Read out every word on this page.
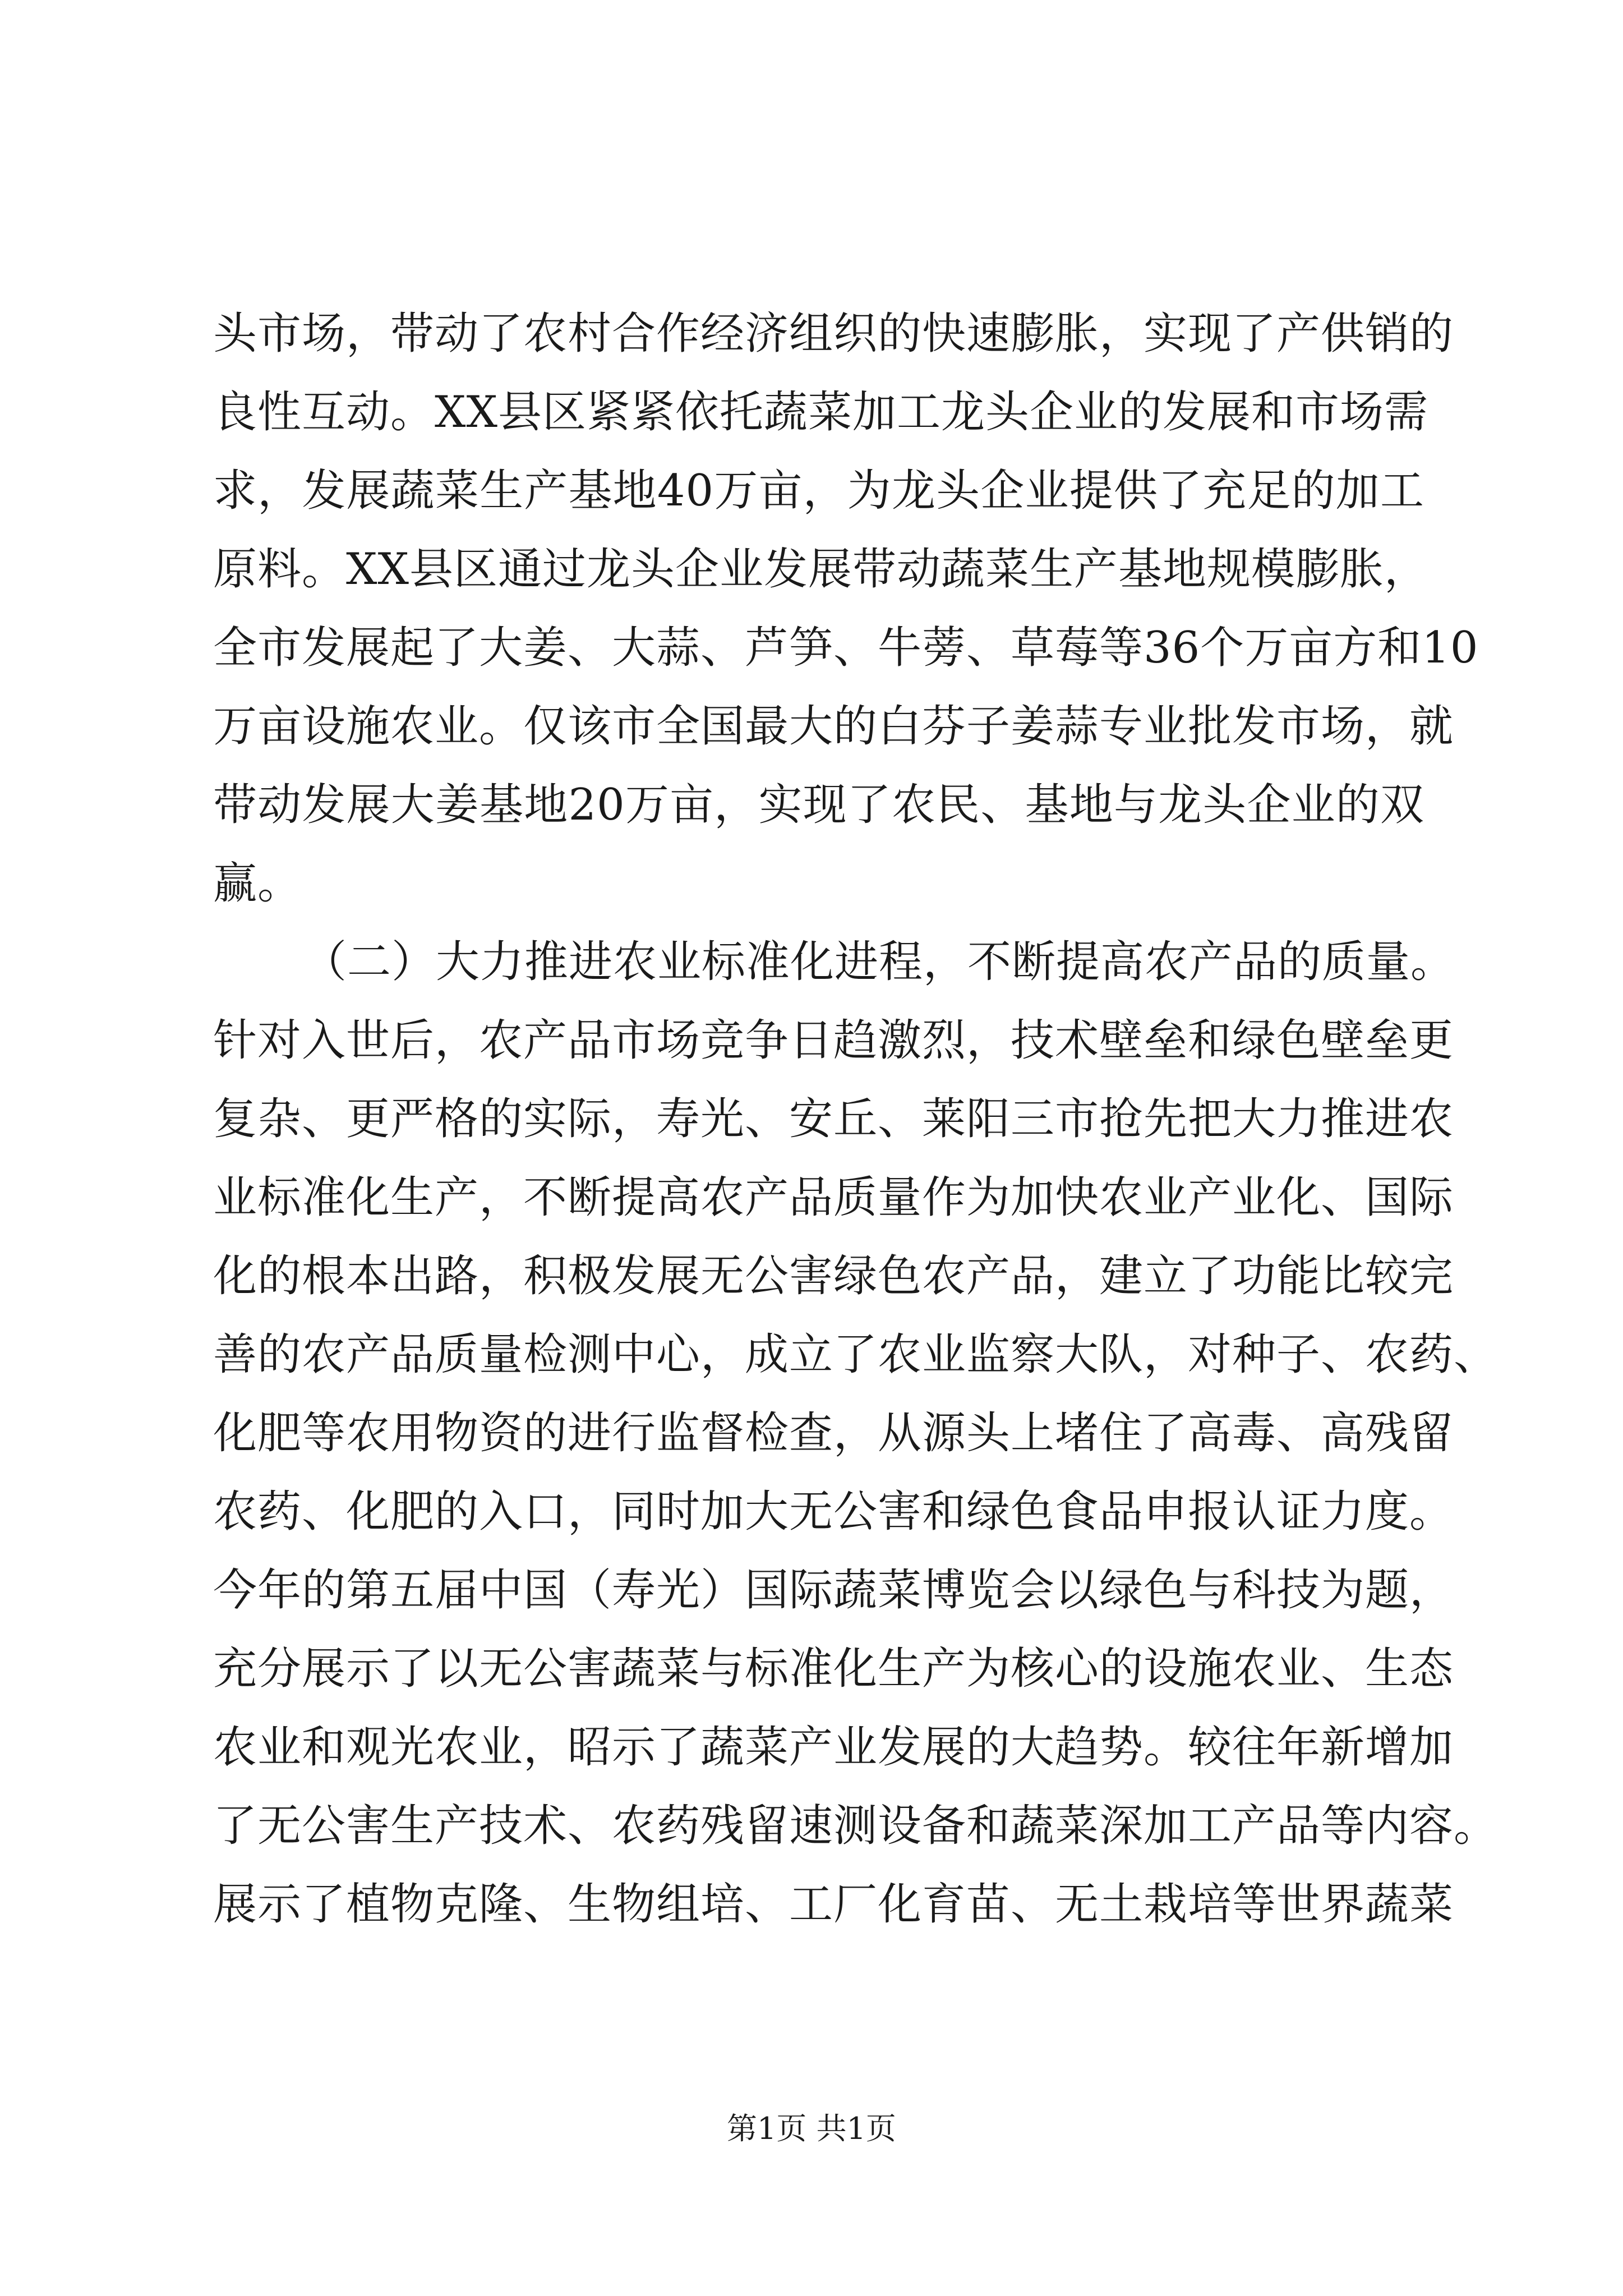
头市场，带动了农村合作经济组织的快速膨胀，实现了产供销的
良性互动。XX县区紧紧依托蔬菜加工龙头企业的发展和市场需
求，发展蔬菜生产基地40万亩，为龙头企业提供了充足的加工
原料。XX县区通过龙头企业发展带动蔬菜生产基地规模膨胀，
全市发展起了大姜、大蒜、芦笋、牛蒡、草莓等36个万亩方和10
万亩设施农业。仅该市全国最大的白芬子姜蒜专业批发市场，就
带动发展大姜基地20万亩，实现了农民、基地与龙头企业的双
赢。
（二）大力推进农业标准化进程，不断提高农产品的质量。
针对入世后，农产品市场竞争日趋激烈，技术壁垒和绿色壁垒更
复杂、更严格的实际，寿光、安丘、莱阳三市抢先把大力推进农
业标准化生产，不断提高农产品质量作为加快农业产业化、国际
化的根本出路，积极发展无公害绿色农产品，建立了功能比较完
善的农产品质量检测中心，成立了农业监察大队，对种子、农药、
化肥等农用物资的进行监督检查，从源头上堵住了高毒、高残留
农药、化肥的入口，同时加大无公害和绿色食品申报认证力度。
今年的第五届中国（寿光）国际蔬菜博览会以绿色与科技为题，
充分展示了以无公害蔬菜与标准化生产为核心的设施农业、生态
农业和观光农业，昭示了蔬菜产业发展的大趋势。较往年新增加
了无公害生产技术、农药残留速测设备和蔬菜深加工产品等内容。
展示了植物克隆、生物组培、工厂化育苗、无土栽培等世界蔬菜
第1页 共1页
